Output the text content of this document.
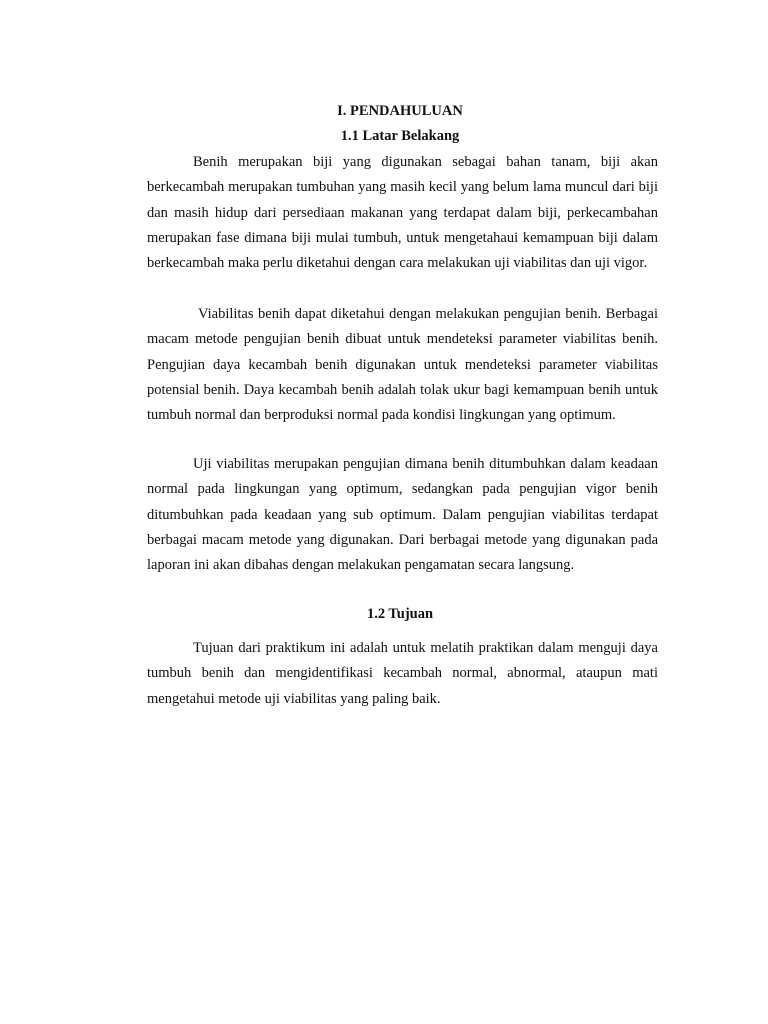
I. PENDAHULUAN
1.1 Latar Belakang

Benih merupakan biji yang digunakan sebagai bahan tanam, biji akan berkecambah merupakan tumbuhan yang masih kecil yang belum lama muncul dari biji dan masih hidup dari persediaan makanan yang terdapat dalam biji, perkecambahan merupakan fase dimana biji mulai tumbuh, untuk mengetahaui kemampuan biji dalam berkecambah maka perlu diketahui dengan cara melakukan uji viabilitas dan uji vigor.

Viabilitas benih dapat diketahui dengan melakukan pengujian benih. Berbagai macam metode pengujian benih dibuat untuk mendeteksi parameter viabilitas benih. Pengujian daya kecambah benih digunakan untuk mendeteksi parameter viabilitas potensial benih. Daya kecambah benih adalah tolak ukur bagi kemampuan benih untuk tumbuh normal dan berproduksi normal pada kondisi lingkungan yang optimum.

Uji viabilitas merupakan pengujian dimana benih ditumbuhkan dalam keadaan normal pada lingkungan yang optimum, sedangkan pada pengujian vigor benih ditumbuhkan pada keadaan yang sub optimum. Dalam pengujian viabilitas terdapat berbagai macam metode yang digunakan. Dari berbagai metode yang digunakan pada laporan ini akan dibahas dengan melakukan pengamatan secara langsung.

1.2 Tujuan

Tujuan dari praktikum ini adalah untuk melatih praktikan dalam menguji daya tumbuh benih dan mengidentifikasi kecambah normal, abnormal, ataupun mati mengetahui metode uji viabilitas yang paling baik.
